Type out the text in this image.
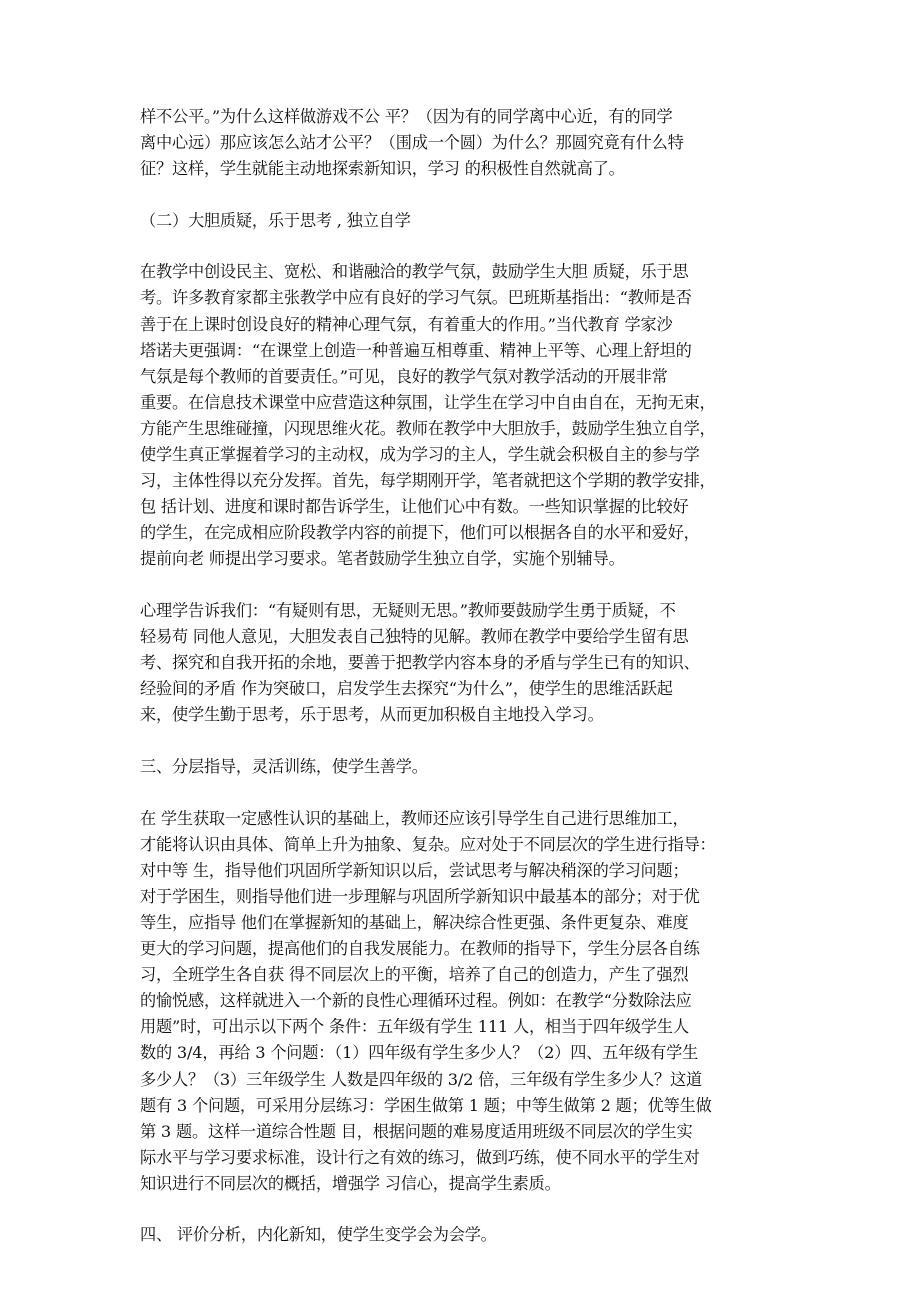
样不公平。”为什么这样做游戏不公 平？（因为有的同学离中心近，有的同学
离中心远）那应该怎么站才公平？（围成一个圆）为什么？那圆究竟有什么特
征？这样，学生就能主动地探索新知识，学习 的积极性自然就高了。

（二）大胆质疑，乐于思考 , 独立自学

在教学中创设民主、宽松、和谐融洽的教学气氛，鼓励学生大胆 质疑，乐于思
考。许多教育家都主张教学中应有良好的学习气氛。巴班斯基指出：“教师是否
善于在上课时创设良好的精神心理气氛，有着重大的作用。”当代教育 学家沙
塔诺夫更强调：“在课堂上创造一种普遍互相尊重、精神上平等、心理上舒坦的
气氛是每个教师的首要责任。”可见，良好的教学气氛对教学活动的开展非常
重要。在信息技术课堂中应营造这种氛围，让学生在学习中自由自在，无拘无束，
方能产生思维碰撞，闪现思维火花。教师在教学中大胆放手，鼓励学生独立自学，
使学生真正掌握着学习的主动权，成为学习的主人，学生就会积极自主的参与学
习，主体性得以充分发挥。首先，每学期刚开学，笔者就把这个学期的教学安排，
包 括计划、进度和课时都告诉学生，让他们心中有数。一些知识掌握的比较好
的学生，在完成相应阶段教学内容的前提下，他们可以根据各自的水平和爱好，
提前向老 师提出学习要求。笔者鼓励学生独立自学，实施个别辅导。

心理学告诉我们：“有疑则有思，无疑则无思。”教师要鼓励学生勇于质疑，不
轻易苟 同他人意见，大胆发表自己独特的见解。教师在教学中要给学生留有思
考、探究和自我开拓的余地，要善于把教学内容本身的矛盾与学生已有的知识、
经验间的矛盾 作为突破口，启发学生去探究“为什么”，使学生的思维活跃起
来，使学生勤于思考，乐于思考，从而更加积极自主地投入学习。

三、分层指导，灵活训练，使学生善学。

在 学生获取一定感性认识的基础上，教师还应该引导学生自己进行思维加工，
才能将认识由具体、简单上升为抽象、复杂。应对处于不同层次的学生进行指导：
对中等 生，指导他们巩固所学新知识以后，尝试思考与解决稍深的学习问题；
对于学困生，则指导他们进一步理解与巩固所学新知识中最基本的部分；对于优
等生，应指导 他们在掌握新知的基础上，解决综合性更强、条件更复杂、难度
更大的学习问题，提高他们的自我发展能力。在教师的指导下，学生分层各自练
习，全班学生各自获 得不同层次上的平衡，培养了自己的创造力，产生了强烈
的愉悦感，这样就进入一个新的良性心理循环过程。例如：在教学“分数除法应
用题”时，可出示以下两个 条件：五年级有学生 111 人，相当于四年级学生人
数的 3/4，再给 3 个问题：（1）四年级有学生多少人？（2）四、五年级有学生
多少人？（3）三年级学生 人数是四年级的 3/2 倍，三年级有学生多少人？这道
题有 3 个问题，可采用分层练习：学困生做第 1 题；中等生做第 2 题；优等生做
第 3 题。这样一道综合性题 目，根据问题的难易度适用班级不同层次的学生实
际水平与学习要求标准，设计行之有效的练习，做到巧练，使不同水平的学生对
知识进行不同层次的概括，增强学 习信心，提高学生素质。

四、 评价分析，内化新知，使学生变学会为会学。
